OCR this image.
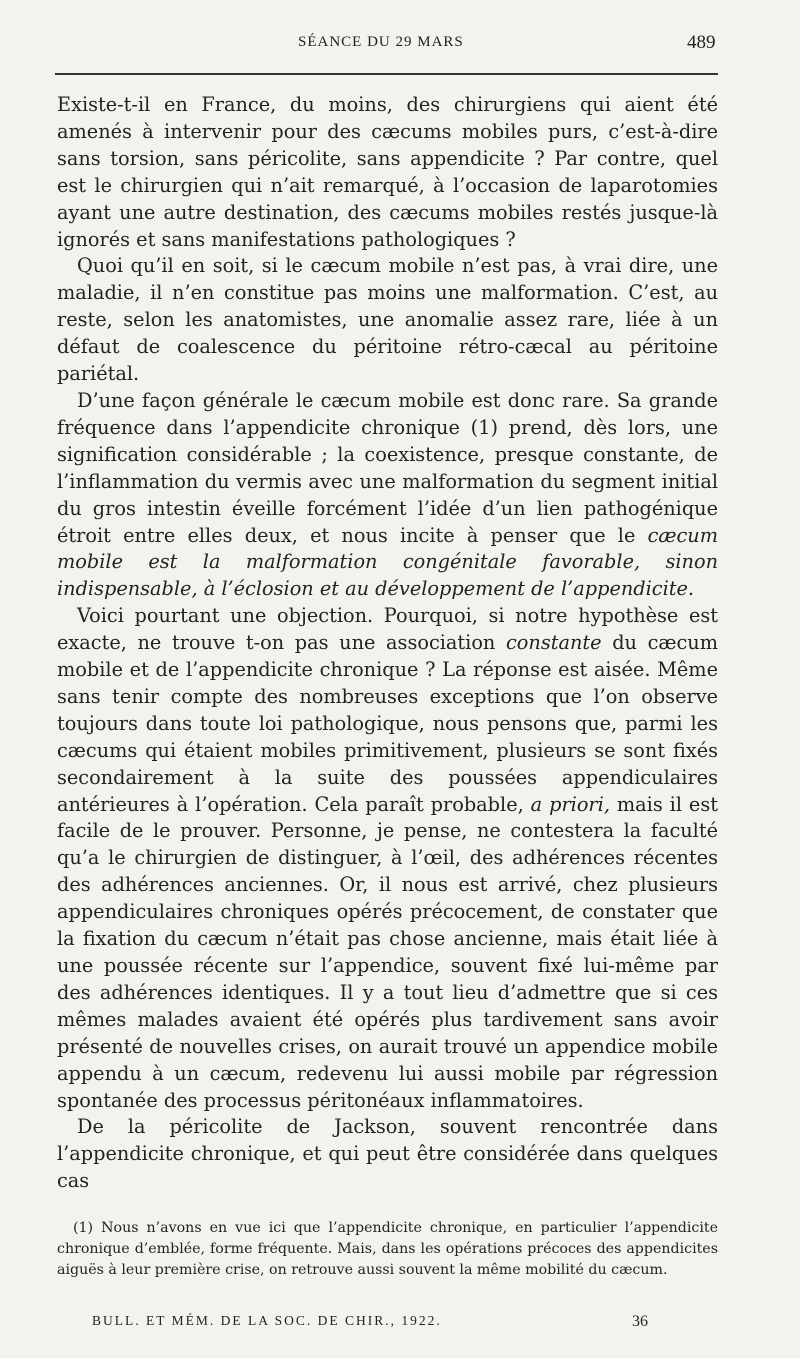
SÉANCE DU 29 MARS	489

Existe-t-il en France, du moins, des chirurgiens qui aient été amenés à intervenir pour des cæcums mobiles purs, c’est-à-dire sans torsion, sans péricolite, sans appendicite ? Par contre, quel est le chirurgien qui n’ait remarqué, à l’occasion de laparotomies ayant une autre destination, des cæcums mobiles restés jusque-là ignorés et sans manifestations pathologiques ?

Quoi qu’il en soit, si le cæcum mobile n’est pas, à vrai dire, une maladie, il n’en constitue pas moins une malformation. C’est, au reste, selon les anatomistes, une anomalie assez rare, liée à un défaut de coalescence du péritoine rétro-cæcal au péritoine pariétal.

D’une façon générale le cæcum mobile est donc rare. Sa grande fréquence dans l’appendicite chronique (1) prend, dès lors, une signification considérable ; la coexistence, presque constante, de l’inflammation du vermis avec une malformation du segment initial du gros intestin éveille forcément l’idée d’un lien pathogénique étroit entre elles deux, et nous incite à penser que le cæcum mobile est la malformation congénitale favorable, sinon indispensable, à l’éclosion et au développement de l’appendicite.

Voici pourtant une objection. Pourquoi, si notre hypothèse est exacte, ne trouve t-on pas une association constante du cæcum mobile et de l’appendicite chronique ? La réponse est aisée. Même sans tenir compte des nombreuses exceptions que l’on observe toujours dans toute loi pathologique, nous pensons que, parmi les cæcums qui étaient mobiles primitivement, plusieurs se sont fixés secondairement à la suite des poussées appendiculaires antérieures à l’opération. Cela paraît probable, a priori, mais il est facile de le prouver. Personne, je pense, ne contestera la faculté qu’a le chirurgien de distinguer, à l’œil, des adhérences récentes des adhérences anciennes. Or, il nous est arrivé, chez plusieurs appendiculaires chroniques opérés précocement, de constater que la fixation du cæcum n’était pas chose ancienne, mais était liée à une poussée récente sur l’appendice, souvent fixé lui-même par des adhérences identiques. Il y a tout lieu d’admettre que si ces mêmes malades avaient été opérés plus tardivement sans avoir présenté de nouvelles crises, on aurait trouvé un appendice mobile appendu à un cæcum, redevenu lui aussi mobile par régression spontanée des processus péritonéaux inflammatoires.

De la péricolite de Jackson, souvent rencontrée dans l’appendicite chronique, et qui peut être considérée dans quelques cas

(1) Nous n’avons en vue ici que l’appendicite chronique, en particulier l’appendicite chronique d’emblée, forme fréquente. Mais, dans les opérations précoces des appendicites aiguës à leur première crise, on retrouve aussi souvent la même mobilité du cæcum.

BULL. ET MÉM. DE LA SOC. DE CHIR., 1922.	36
